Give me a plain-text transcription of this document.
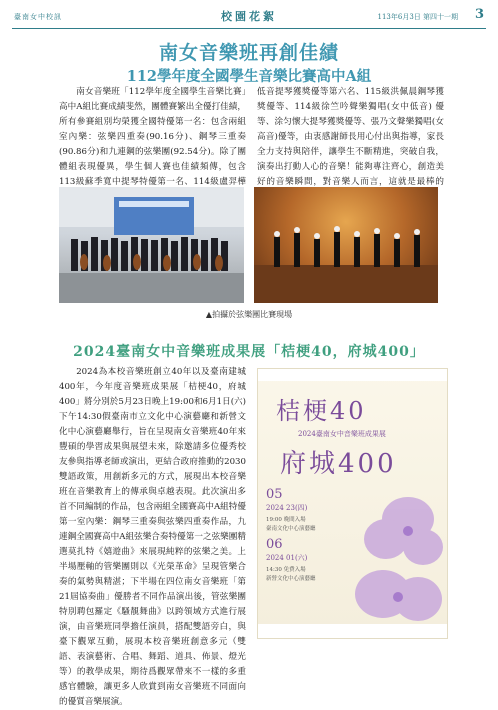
臺南女中校訊	校園花絮	113年6月3日 第四十一期 3
南女音樂班再創佳績
112學年度全國學生音樂比賽高中A組
南女音樂班「112學年度全國學生音樂比賽」高中A組比賽成績斐然，團體賽繁出全優打佳績，所有參賽組別均榮獲全國特優第一名：包含兩組室內樂：弦樂四重奏(90.16分)、鋼琴三重奏(90.86分)和九連鋼的弦樂團(92.54分)。除了團體組表現優異，學生個人賽也佳績頻傳，包含113級蘇季寬中提琴特優第一名、114級盧羿樺
低音提琴獲獎優等第六名、115級洪佩晨鋼琴獲獎優等、114級徐竺吟聲樂獨唱(女中低音) 優等、涂匀懷大提琴獲獎優等、張乃文聲樂獨唱(女高音)優等，由衷感謝師長用心付出與指導，家長全力支持與陪伴，讓學生不斷精進，突破自我，演奏出打動人心的音樂！能夠專注齊心，創造美好的音樂瞬間，對音樂人而言，這就是最棒的
▲拍攝於弦樂團比賽現場
2024臺南女中音樂班成果展「桔梗40，府城400」
2024為本校音樂班創立40年以及臺南建城400年，今年度音樂班成果展「桔梗40，府城400」將分別於5月23日晚上19:00和6月1日(六)下午14:30假臺南市立文化中心演藝廳和新營文化中心演藝廳舉行，旨在呈現南女音樂班40年來豐碩的學習成果與展望未來，除邀請多位優秀校友參與指導老師或演出，更結合政府推動的2030雙語政策，用創新多元的方式，展現出本校音樂班在音樂教育上的傳承與卓越表現。此次演出多首不同編制的作品，包含兩組全國賽高中A組特優第一室內樂：鋼琴三重奏與弦樂四重奏作品，九連鋼全國賽高中A組弦樂合奏特優第一之弦樂團精選莫扎特《嬉遊曲》來展現純粹的弦樂之美。上半場壓軸的管樂團則以《光榮革命》呈現管樂合奏的氣勢與精湛；下半場在四位南女音樂班「第21屆協奏曲」優勝者不同作品演出後，管弦樂團特別聘包羅定《騷靚舞曲》以跨領域方式進行展演，由音樂班同學擔任演員，搭配雙語旁白，與臺下觀眾互動，展現本校音樂班創意多元（雙語、表演藝術、合唱、舞蹈、道具、佈景、燈光等）的教學成果，期待爲觀眾帶來不一樣的多重感官體驗，讓更多人欣賞到南女音樂班不同面向的優質音樂展演。
桔梗40
2024臺南女中音樂班成果展
府城400
05
2024 23(四)
19:00 晚間入場
臺南文化中心演藝廳
06
2024 01(六)
14:30 免費入場
新營文化中心演藝廳
